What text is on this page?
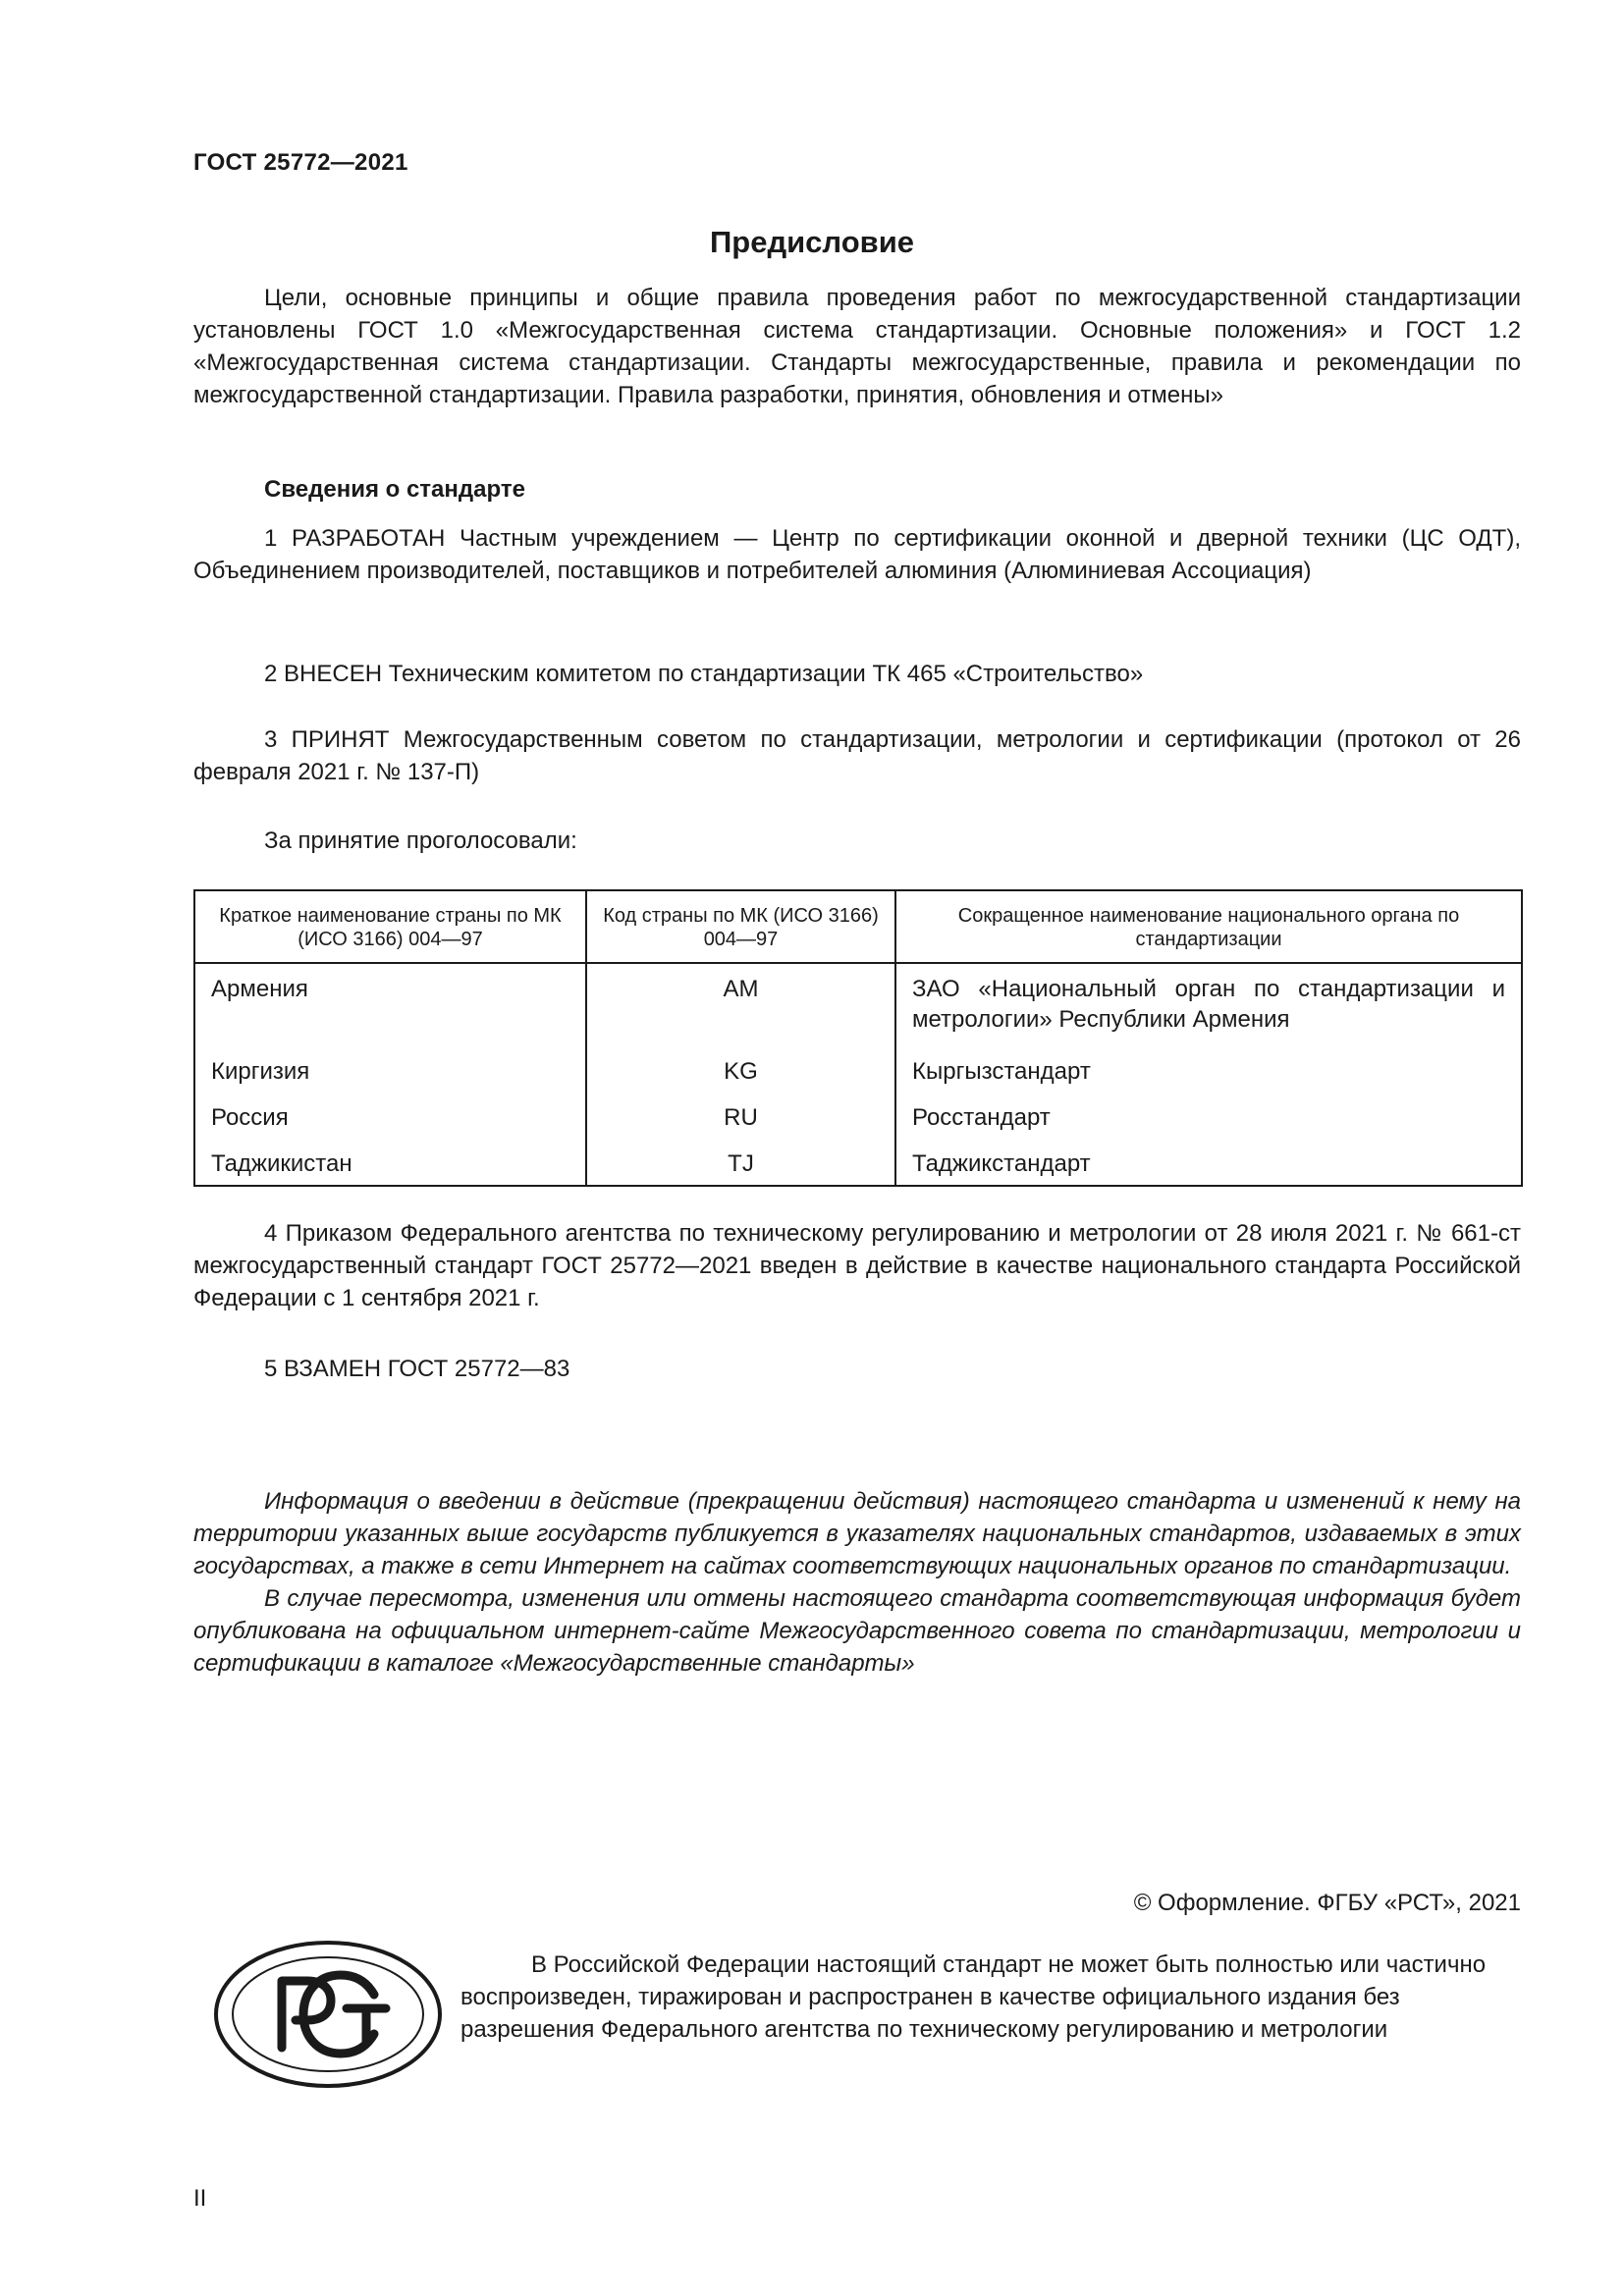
ГОСТ 25772—2021
Предисловие

Цели, основные принципы и общие правила проведения работ по межгосударственной стандартизации установлены ГОСТ 1.0 «Межгосударственная система стандартизации. Основные положения» и ГОСТ 1.2 «Межгосударственная система стандартизации. Стандарты межгосударственные, правила и рекомендации по межгосударственной стандартизации. Правила разработки, принятия, обновления и отмены»

Сведения о стандарте

1 РАЗРАБОТАН Частным учреждением — Центр по сертификации оконной и дверной техники (ЦС ОДТ), Объединением производителей, поставщиков и потребителей алюминия (Алюминиевая Ассоциация)

2 ВНЕСЕН Техническим комитетом по стандартизации ТК 465 «Строительство»

3 ПРИНЯТ Межгосударственным советом по стандартизации, метрологии и сертификации (протокол от 26 февраля 2021 г. № 137-П)

За принятие проголосовали:

Краткое наименование страны по МК (ИСО 3166) 004—97	Код страны по МК (ИСО 3166) 004—97	Сокращенное наименование национального органа по стандартизации
Армения	AM	ЗАО «Национальный орган по стандартизации и метрологии» Республики Армения
Киргизия	KG	Кыргызстандарт
Россия	RU	Росстандарт
Таджикистан	TJ	Таджикстандарт

4 Приказом Федерального агентства по техническому регулированию и метрологии от 28 июля 2021 г. № 661-ст межгосударственный стандарт ГОСТ 25772—2021 введен в действие в качестве национального стандарта Российской Федерации с 1 сентября 2021 г.

5 ВЗАМЕН ГОСТ 25772—83

Информация о введении в действие (прекращении действия) настоящего стандарта и изменений к нему на территории указанных выше государств публикуется в указателях национальных стандартов, издаваемых в этих государствах, а также в сети Интернет на сайтах соответствующих национальных органов по стандартизации.

В случае пересмотра, изменения или отмены настоящего стандарта соответствующая информация будет опубликована на официальном интернет-сайте Межгосударственного совета по стандартизации, метрологии и сертификации в каталоге «Межгосударственные стандарты»

© Оформление. ФГБУ «РСТ», 2021

В Российской Федерации настоящий стандарт не может быть полностью или частично воспроизведен, тиражирован и распространен в качестве официального издания без разрешения Федерального агентства по техническому регулированию и метрологии

II
